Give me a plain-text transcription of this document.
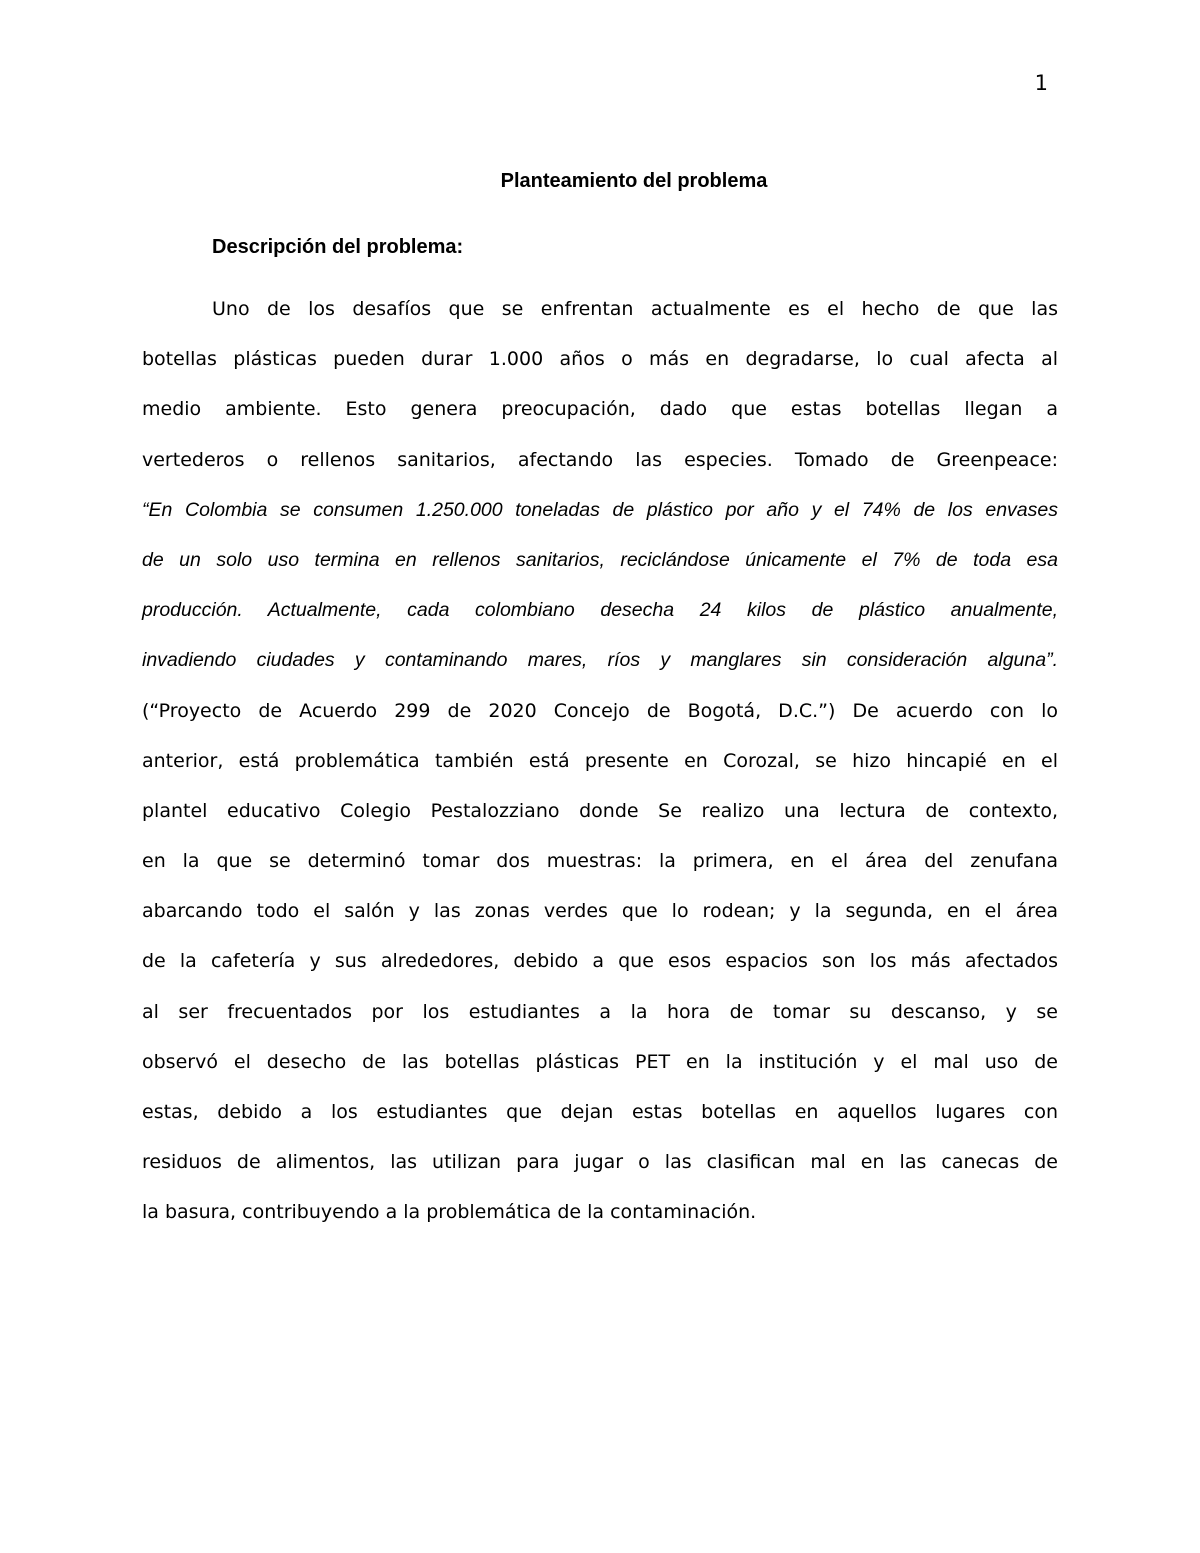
1
Planteamiento del problema
Descripción del problema:
Uno de los desafíos que se enfrentan actualmente es el hecho de que las
botellas plásticas pueden durar 1.000 años o más en degradarse, lo cual afecta al
medio ambiente. Esto genera preocupación, dado que estas botellas llegan a
vertederos o rellenos sanitarios, afectando las especies. Tomado de Greenpeace:
“En Colombia se consumen 1.250.000 toneladas de plástico por año y el 74% de los envases
de un solo uso termina en rellenos sanitarios, reciclándose únicamente el 7% de toda esa
producción. Actualmente, cada colombiano desecha 24 kilos de plástico anualmente,
invadiendo ciudades y contaminando mares, ríos y manglares sin consideración alguna”.
(“Proyecto de Acuerdo 299 de 2020 Concejo de Bogotá, D.C.”) De acuerdo con lo
anterior, está problemática también está presente en Corozal, se hizo hincapié en el
plantel educativo Colegio Pestalozziano donde Se realizo una lectura de contexto,
en la que se determinó tomar dos muestras: la primera, en el área del zenufana
abarcando todo el salón y las zonas verdes que lo rodean; y la segunda, en el área
de la cafetería y sus alrededores, debido a que esos espacios son los más afectados
al ser frecuentados por los estudiantes a la hora de tomar su descanso, y se
observó el desecho de las botellas plásticas PET en la institución y el mal uso de
estas, debido a los estudiantes que dejan estas botellas en aquellos lugares con
residuos de alimentos, las utilizan para jugar o las clasifican mal en las canecas de
la basura, contribuyendo a la problemática de la contaminación.
